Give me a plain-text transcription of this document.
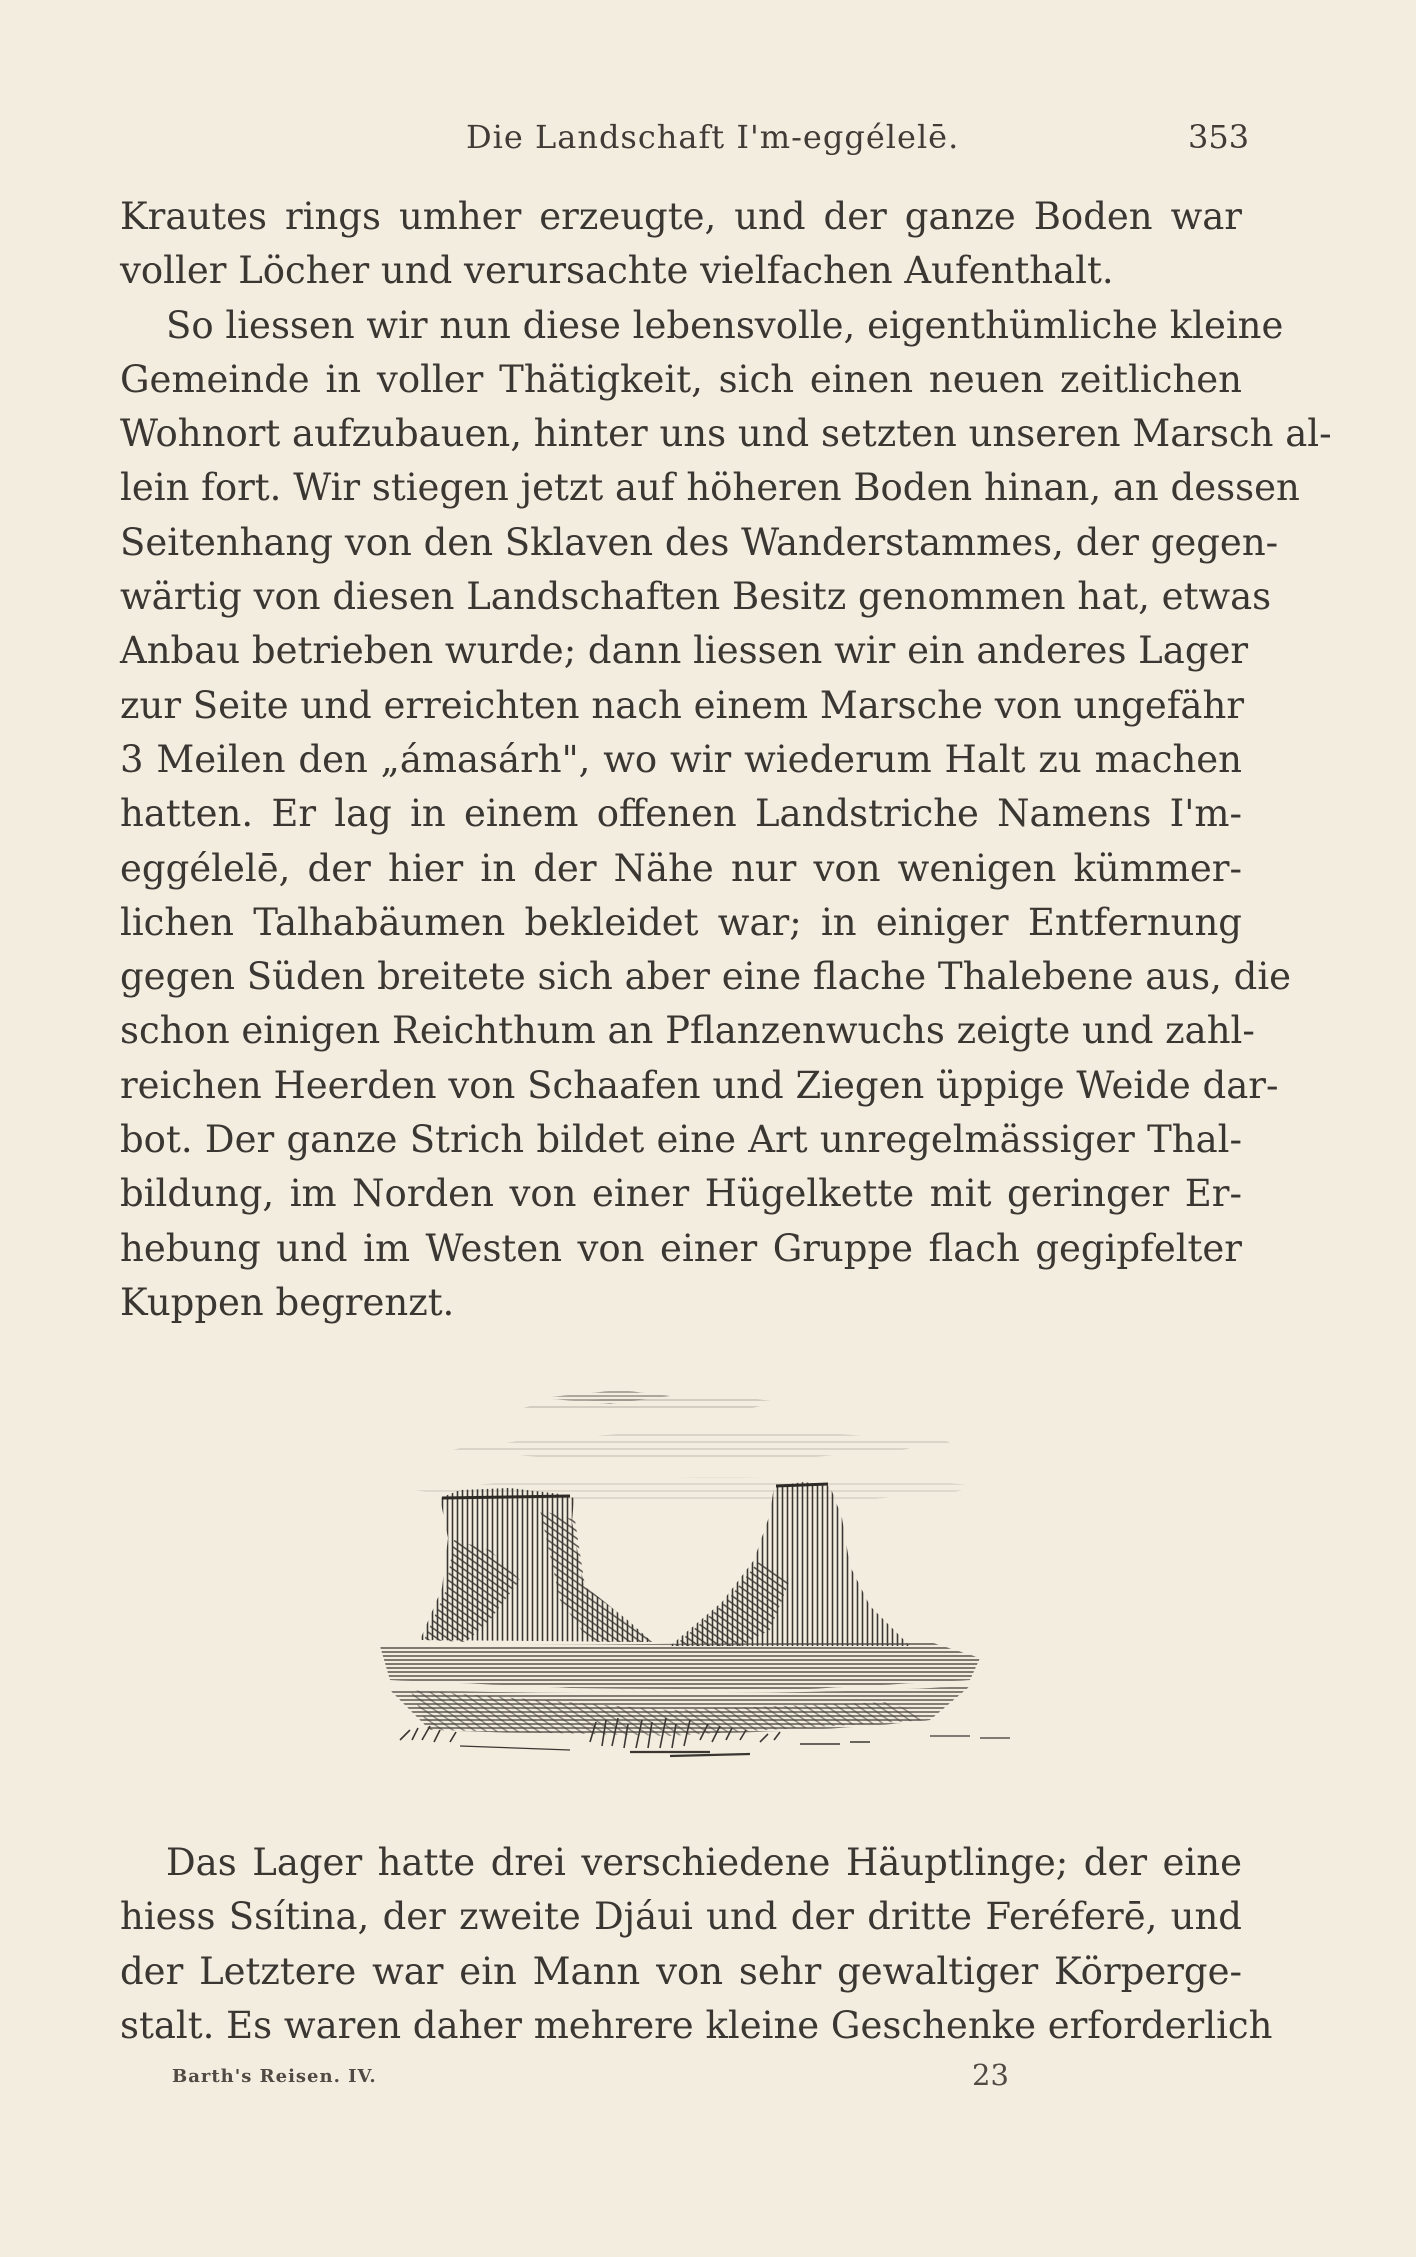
Die Landschaft I'm-eggélelē.	353
Krautes rings umher erzeugte, und der ganze Boden war
voller Löcher und verursachte vielfachen Aufenthalt.
So liessen wir nun diese lebensvolle, eigenthümliche kleine
Gemeinde in voller Thätigkeit, sich einen neuen zeitlichen
Wohnort aufzubauen, hinter uns und setzten unseren Marsch al-
lein fort. Wir stiegen jetzt auf höheren Boden hinan, an dessen
Seitenhang von den Sklaven des Wanderstammes, der gegen-
wärtig von diesen Landschaften Besitz genommen hat, etwas
Anbau betrieben wurde; dann liessen wir ein anderes Lager
zur Seite und erreichten nach einem Marsche von ungefähr
3 Meilen den „ámasárh", wo wir wiederum Halt zu machen
hatten. Er lag in einem offenen Landstriche Namens I'm-
eggélelē, der hier in der Nähe nur von wenigen kümmer-
lichen Talhabäumen bekleidet war; in einiger Entfernung
gegen Süden breitete sich aber eine flache Thalebene aus, die
schon einigen Reichthum an Pflanzenwuchs zeigte und zahl-
reichen Heerden von Schaafen und Ziegen üppige Weide dar-
bot. Der ganze Strich bildet eine Art unregelmässiger Thal-
bildung, im Norden von einer Hügelkette mit geringer Er-
hebung und im Westen von einer Gruppe flach gegipfelter
Kuppen begrenzt.
Das Lager hatte drei verschiedene Häuptlinge; der eine
hiess Ssítina, der zweite Djáui und der dritte Feréferē, und
der Letztere war ein Mann von sehr gewaltiger Körperge-
stalt. Es waren daher mehrere kleine Geschenke erforderlich
Barth's Reisen. IV.	23
